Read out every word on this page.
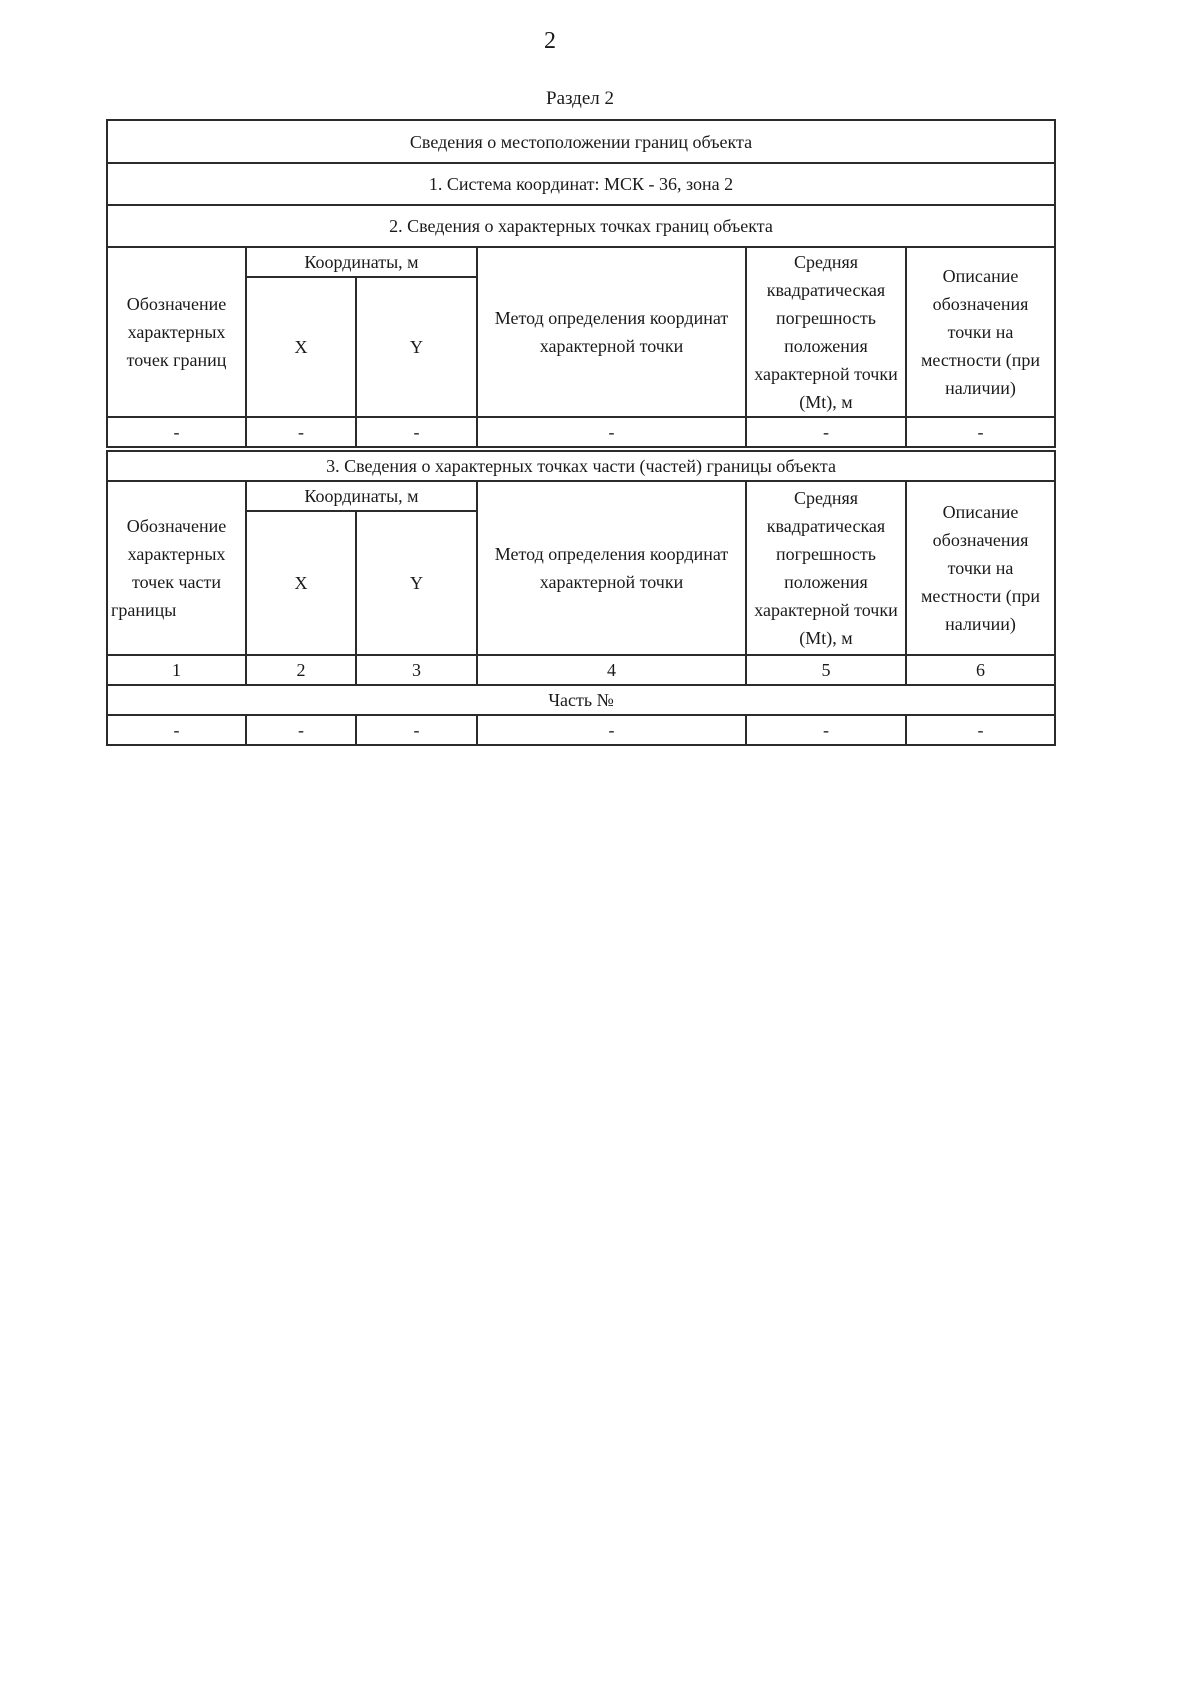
2
Раздел 2
Сведения о местоположении границ объекта					
1. Система координат: МСК - 36, зона 2					
2. Сведения о характерных точках границ объекта					
Обозначение характерных точек границ	Координаты, м		Метод определения координат характерной точки	Средняя квадратическая погрешность положения характерной точки (Mt), м	Описание обозначения точки на местности (при наличии)
	X	Y			
-	-	-	-	-	-
3. Сведения о характерных точках части (частей) границы объекта					
Обозначение характерных точек части границы	Координаты, м		Метод определения координат характерной точки	Средняя квадратическая погрешность положения характерной точки (Mt), м	Описание обозначения точки на местности (при наличии)
	X	Y			
1	2	3	4	5	6
Часть №					
-	-	-	-	-	-
